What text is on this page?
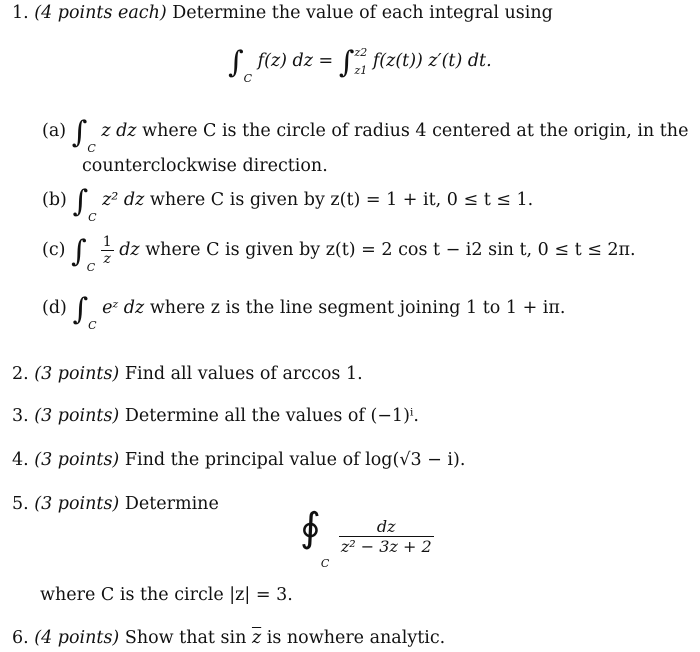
1. (4 points each) Determine the value of each integral using
$\int_C$ f(z) dz = ∫ z2
z1 f(z(t)) z′(t) dt.
(a) $\int_C$ z dz where C is the circle of radius 4 centered at the origin, in the
counterclockwise direction.
(b) $\int_C$ z² dz where C is given by z(t) = 1 + it, 0 ≤ t ≤ 1.
(c) $\int_C$
$\frac{1}{z}$ dz where C is given by z(t) = 2 cos t − i2 sin t, 0 ≤ t ≤ 2π.
(d) $\int_C$ eᶻ dz where z is the line segment joining 1 to 1 + iπ.
2. (3 points) Find all values of arccos 1.
3. (3 points) Determine all the values of (−1)ⁱ.
4. (3 points) Find the principal value of log(√3 − i).
5. (3 points) Determine
$∮_C$
$\frac{dz}{\text{z² − 3z + 2}}$
where C is the circle |z| = 3.
6. (4 points) Show that $\sin \overline{z}$ is nowhere analytic.
